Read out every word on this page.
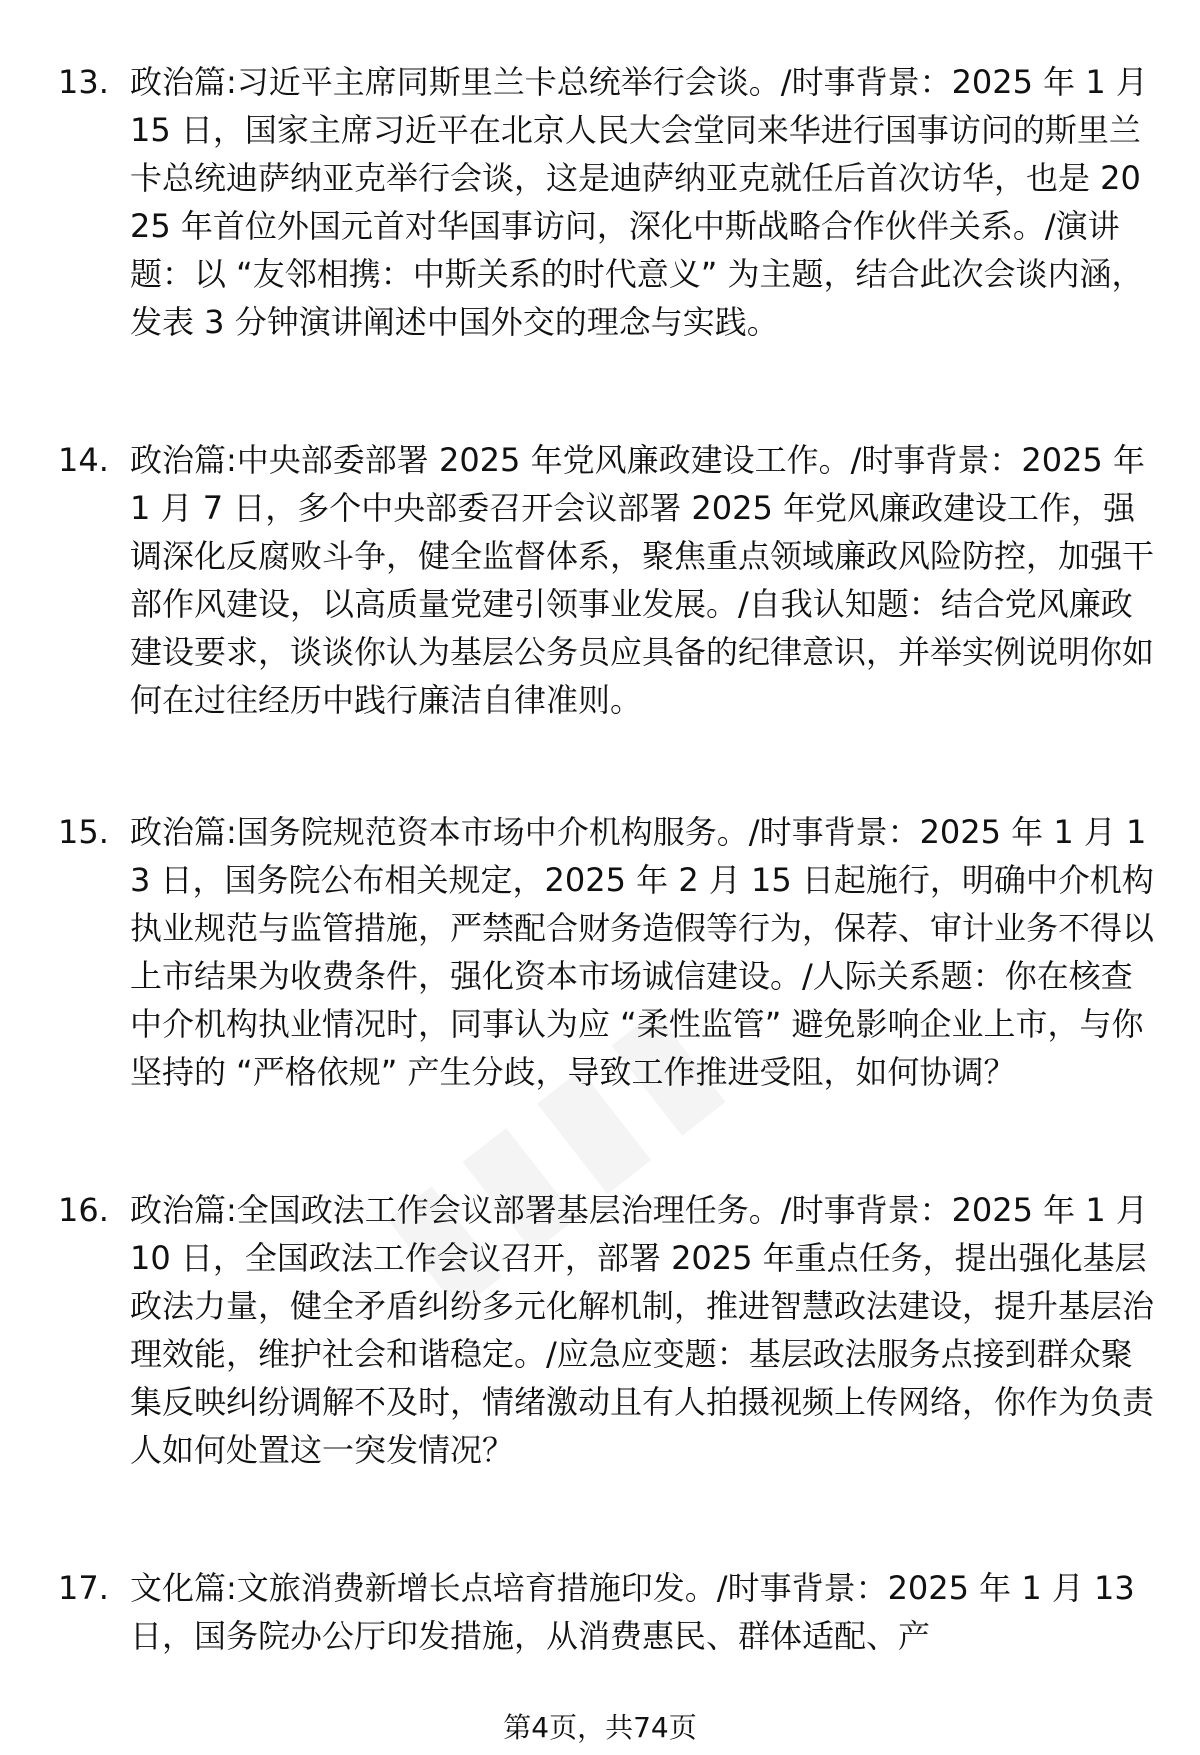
13. 政治篇:习近平主席同斯里兰卡总统举行会谈。/时事背景：2025 年 1 月 15 日，国家主席习近平在北京人民大会堂同来华进行国事访问的斯里兰卡总统迪萨纳亚克举行会谈，这是迪萨纳亚克就任后首次访华，也是 2025 年首位外国元首对华国事访问，深化中斯战略合作伙伴关系。/演讲题：以 “友邻相携：中斯关系的时代意义” 为主题，结合此次会谈内涵，发表 3 分钟演讲阐述中国外交的理念与实践。
14. 政治篇:中央部委部署 2025 年党风廉政建设工作。/时事背景：2025 年 1 月 7 日，多个中央部委召开会议部署 2025 年党风廉政建设工作，强调深化反腐败斗争，健全监督体系，聚焦重点领域廉政风险防控，加强干部作风建设，以高质量党建引领事业发展。/自我认知题：结合党风廉政建设要求，谈谈你认为基层公务员应具备的纪律意识，并举实例说明你如何在过往经历中践行廉洁自律准则。
15. 政治篇:国务院规范资本市场中介机构服务。/时事背景：2025 年 1 月 13 日，国务院公布相关规定，2025 年 2 月 15 日起施行，明确中介机构执业规范与监管措施，严禁配合财务造假等行为，保荐、审计业务不得以上市结果为收费条件，强化资本市场诚信建设。/人际关系题：你在核查中介机构执业情况时，同事认为应 “柔性监管” 避免影响企业上市，与你坚持的 “严格依规” 产生分歧，导致工作推进受阻，如何协调？
16. 政治篇:全国政法工作会议部署基层治理任务。/时事背景：2025 年 1 月 10 日，全国政法工作会议召开，部署 2025 年重点任务，提出强化基层政法力量，健全矛盾纠纷多元化解机制，推进智慧政法建设，提升基层治理效能，维护社会和谐稳定。/应急应变题：基层政法服务点接到群众聚集反映纠纷调解不及时，情绪激动且有人拍摄视频上传网络，你作为负责人如何处置这一突发情况？
17. 文化篇:文旅消费新增长点培育措施印发。/时事背景：2025 年 1 月 13 日，国务院办公厅印发措施，从消费惠民、群体适配、产
第4页，共74页
